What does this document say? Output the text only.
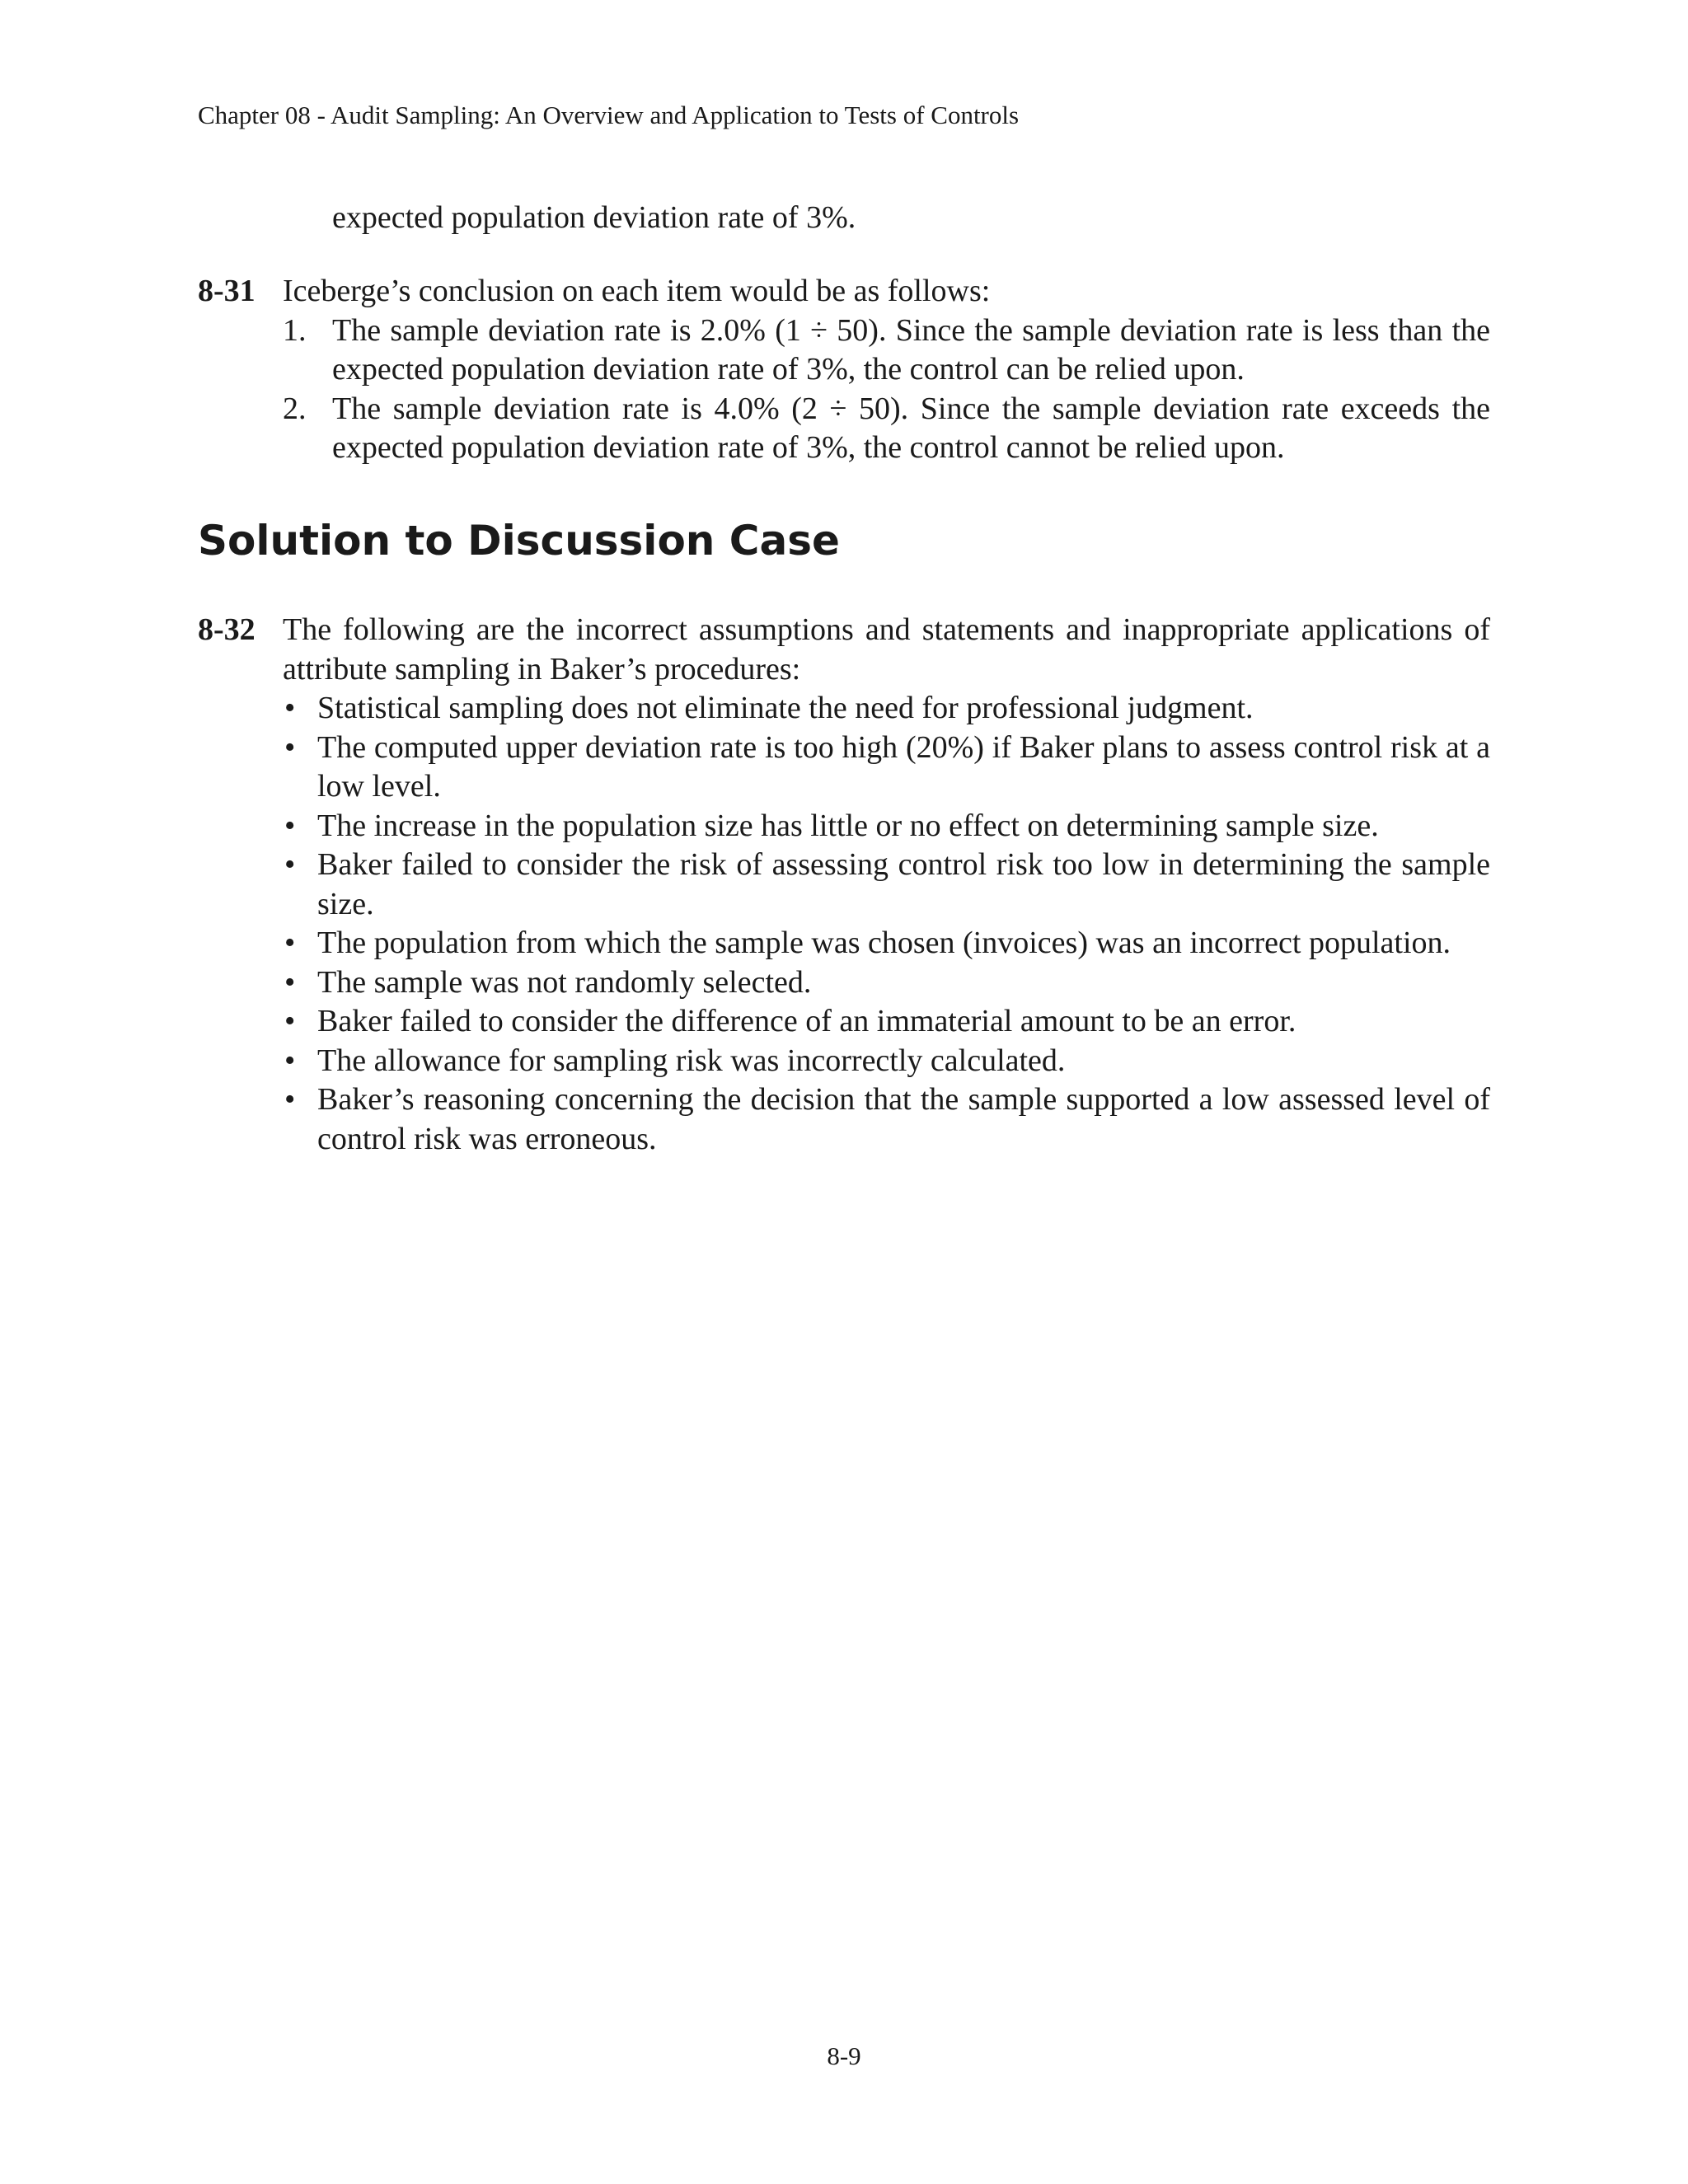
Chapter 08 - Audit Sampling: An Overview and Application to Tests of Controls
expected population deviation rate of 3%.
8-31 Iceberge’s conclusion on each item would be as follows:
1. The sample deviation rate is 2.0% (1 ÷ 50). Since the sample deviation rate is less than the expected population deviation rate of 3%, the control can be relied upon.
2. The sample deviation rate is 4.0% (2 ÷ 50). Since the sample deviation rate exceeds the expected population deviation rate of 3%, the control cannot be relied upon.
Solution to Discussion Case
8-32 The following are the incorrect assumptions and statements and inappropriate applications of attribute sampling in Baker’s procedures:
• Statistical sampling does not eliminate the need for professional judgment.
• The computed upper deviation rate is too high (20%) if Baker plans to assess control risk at a low level.
• The increase in the population size has little or no effect on determining sample size.
• Baker failed to consider the risk of assessing control risk too low in determining the sample size.
• The population from which the sample was chosen (invoices) was an incorrect population.
• The sample was not randomly selected.
• Baker failed to consider the difference of an immaterial amount to be an error.
• The allowance for sampling risk was incorrectly calculated.
• Baker’s reasoning concerning the decision that the sample supported a low assessed level of control risk was erroneous.
8-9
